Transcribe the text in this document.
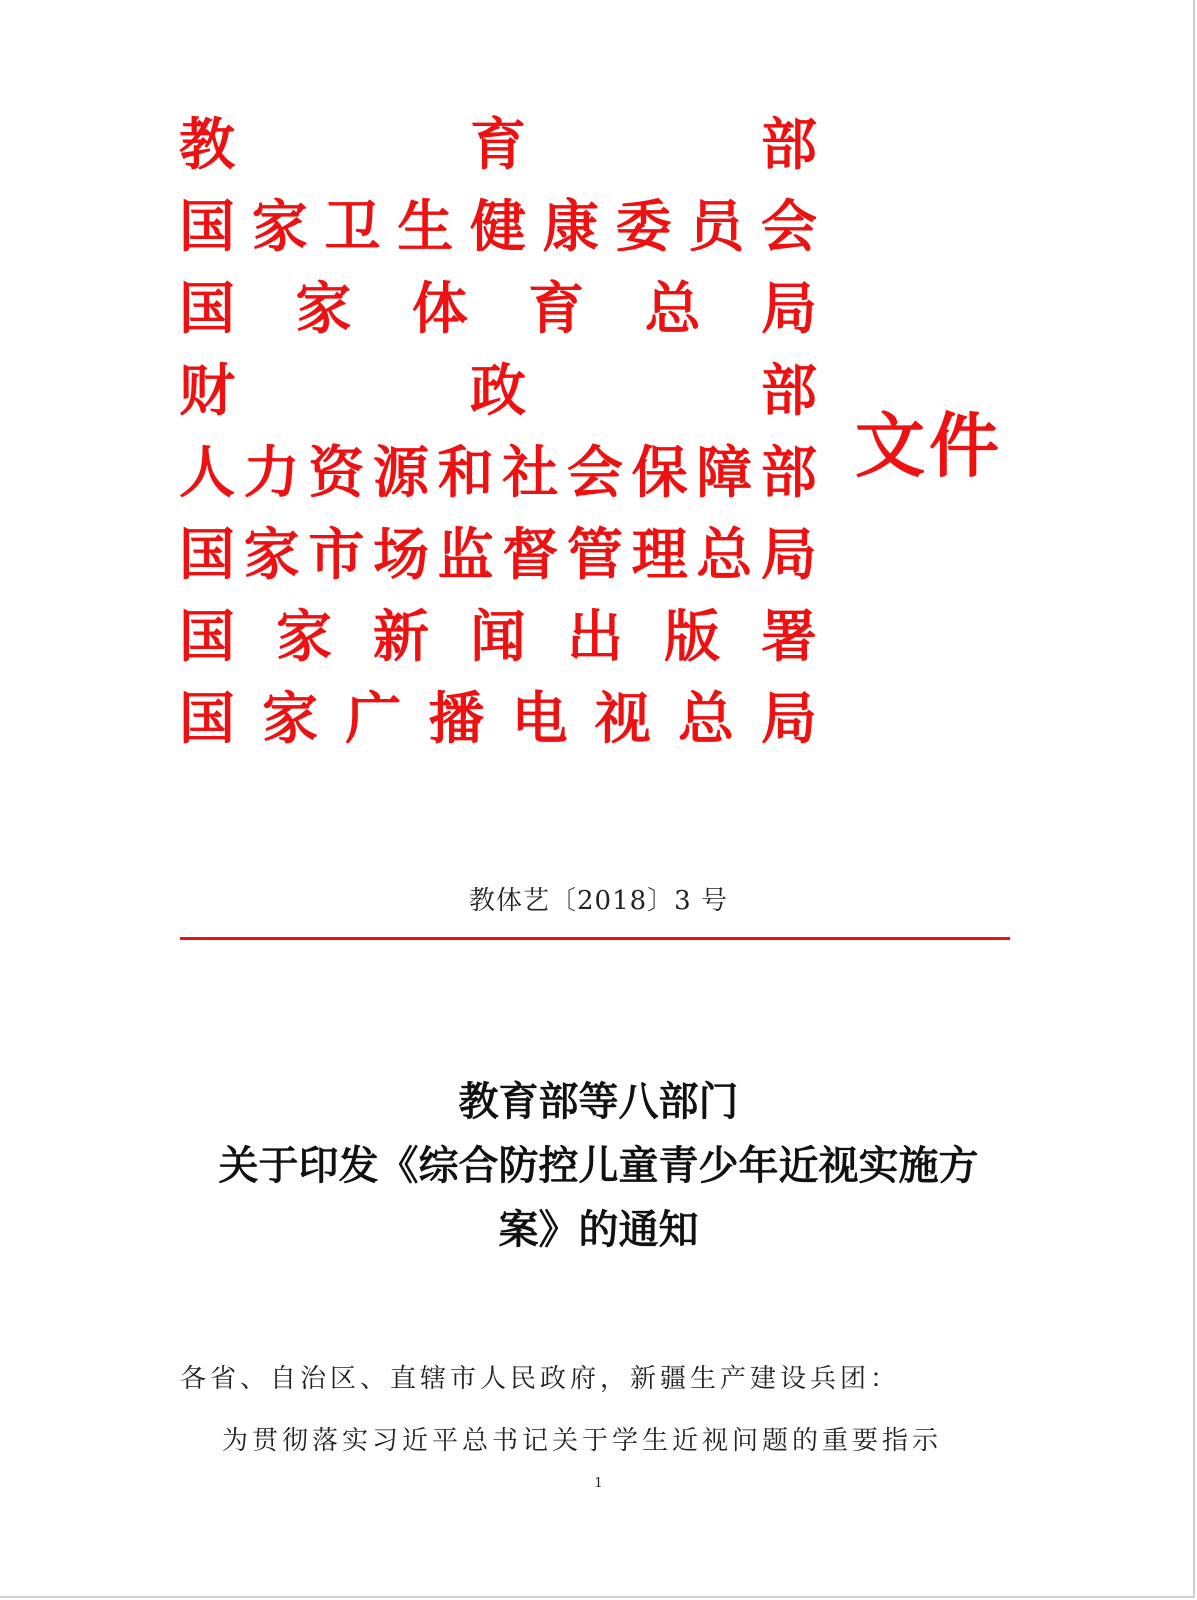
教	育	部
国 家 卫 生 健 康 委 员 会
国 家 体 育 总 局
财	政	部
人 力 资 源 和 社 会 保 障 部
国 家 市 场 监 督 管 理 总 局
国 家 新 闻 出 版 署
国 家 广 播 电 视 总 局
文件
教体艺〔2018〕3 号
教育部等八部门
关于印发《综合防控儿童青少年近视实施方
案》的通知
各省、自治区、直辖市人民政府，新疆生产建设兵团：
为贯彻落实习近平总书记关于学生近视问题的重要指示
1
